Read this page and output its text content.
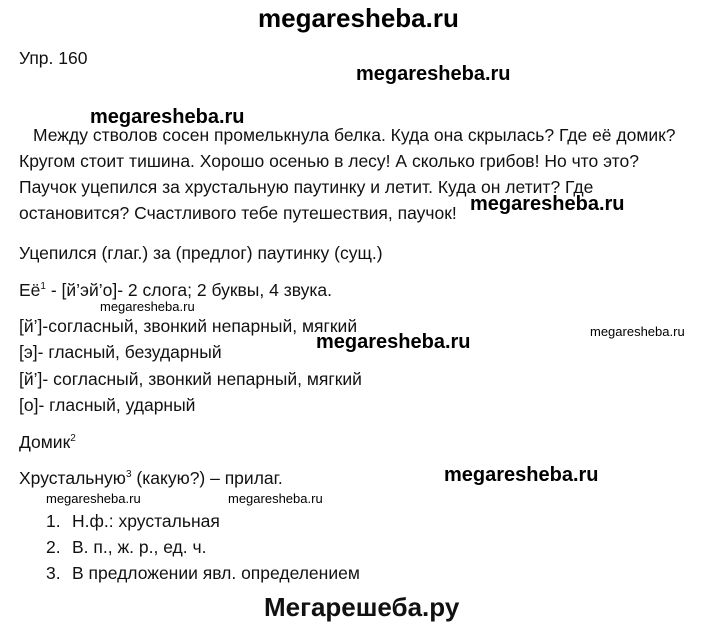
megaresheba.ru
Упр. 160
megaresheba.ru
megaresheba.ru
Между стволов сосен промелькнула белка. Куда она скрылась? Где её домик?
Кругом стоит тишина. Хорошо осенью в лесу! А сколько грибов! Но что это?
Паучок уцепился за хрустальную паутинку и летит. Куда он летит? Где
остановится? Счастливого тебе путешествия, паучок! megaresheba.ru
Уцепился (глаг.) за (предлог) паутинку (сущ.)
$Её^1$ - [й’эй’о]- 2 слога; 2 буквы, 4 звука.
megaresheba.ru
megaresheba.ru
[й’]-согласный, звонкий непарный, мягкий
megaresheba.ru
[э]- гласный, безударный
[й’]- согласный, звонкий непарный, мягкий
[о]- гласный, ударный
Домик$^2$
Хрустальную$^3$ (какую?) – прилаг.	megaresheba.ru
megaresheba.ru	megaresheba.ru
1. Н.ф.: хрустальная
2. В. п., ж. р., ед. ч.
3. В предложении явл. определением
Мегарешеба.ру
